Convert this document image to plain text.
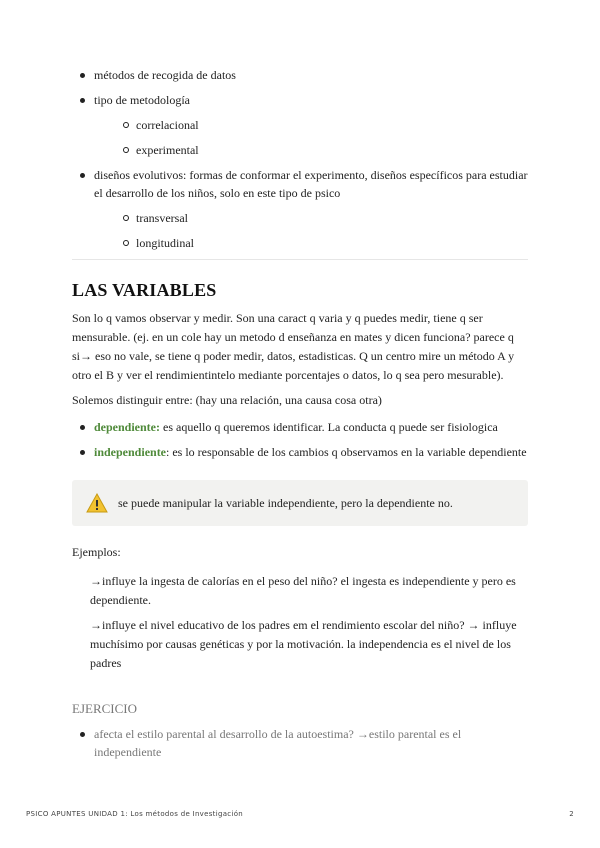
métodos de recogida de datos
tipo de metodología
correlacional
experimental
diseños evolutivos: formas de conformar el experimento, diseños específicos para estudiar el desarrollo de los niños, solo en este tipo de psico
transversal
longitudinal
LAS VARIABLES

Son lo q vamos observar y medir. Son una caract q varia y q puedes medir, tiene q ser mensurable. (ej. en un cole hay un metodo d enseñanza en mates y dicen funciona? parece q si→ eso no vale, se tiene q poder medir, datos, estadisticas. Q un centro mire un método A y otro el B y ver el rendimientintelo mediante porcentajes o datos, lo q sea pero mesurable).

Solemos distinguir entre: (hay una relación, una causa cosa otra)

dependiente: es aquello q queremos identificar. La conducta q puede ser fisiologica
independiente: es lo responsable de los cambios q observamos en la variable dependiente
se puede manipular la variable independiente, pero la dependiente no.

Ejemplos:

→influye la ingesta de calorías en el peso del niño? el ingesta es independiente y pero es dependiente.

→influye el nivel educativo de los padres em el rendimiento escolar del niño? → influye muchísimo por causas genéticas y por la motivación. la independencia es el nivel de los padres

EJERCICIO
afecta el estilo parental al desarrollo de la autoestima? →estilo parental es el independiente
PSICO APUNTES UNIDAD 1: Los métodos de Investigación	2
